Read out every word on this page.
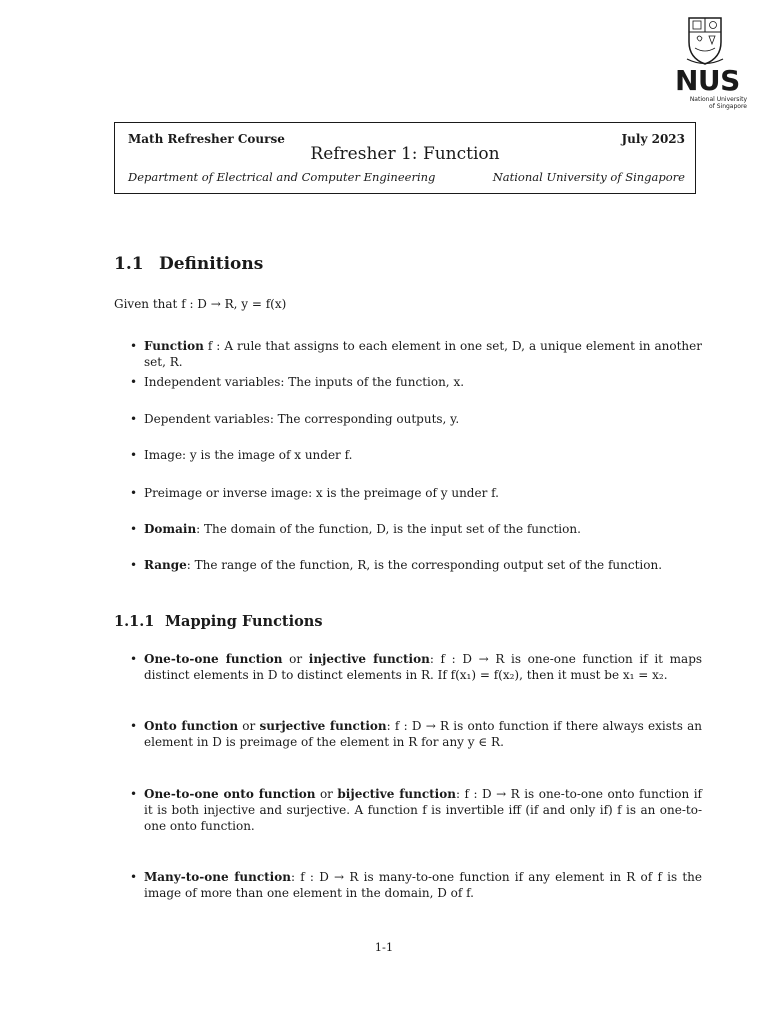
NUS
National University
of Singapore
Math Refresher Course	July 2023
Refresher 1: Function
Department of Electrical and Computer Engineering	National University of Singapore
1.1 Definitions
Given that f : D → R, y = f(x)
• Function f : A rule that assigns to each element in one set, D, a unique element in another set, R.
• Independent variables: The inputs of the function, x.
• Dependent variables: The corresponding outputs, y.
• Image: y is the image of x under f.
• Preimage or inverse image: x is the preimage of y under f.
• Domain: The domain of the function, D, is the input set of the function.
• Range: The range of the function, R, is the corresponding output set of the function.
1.1.1 Mapping Functions
• One-to-one function or injective function: f : D → R is one-one function if it maps distinct elements in D to distinct elements in R. If f(x₁) = f(x₂), then it must be x₁ = x₂.
• Onto function or surjective function: f : D → R is onto function if there always exists an element in D is preimage of the element in R for any y ∈ R.
• One-to-one onto function or bijective function: f : D → R is one-to-one onto function if it is both injective and surjective. A function f is invertible iff (if and only if) f is an one-to-one onto function.
• Many-to-one function: f : D → R is many-to-one function if any element in R of f is the image of more than one element in the domain, D of f.
1-1
